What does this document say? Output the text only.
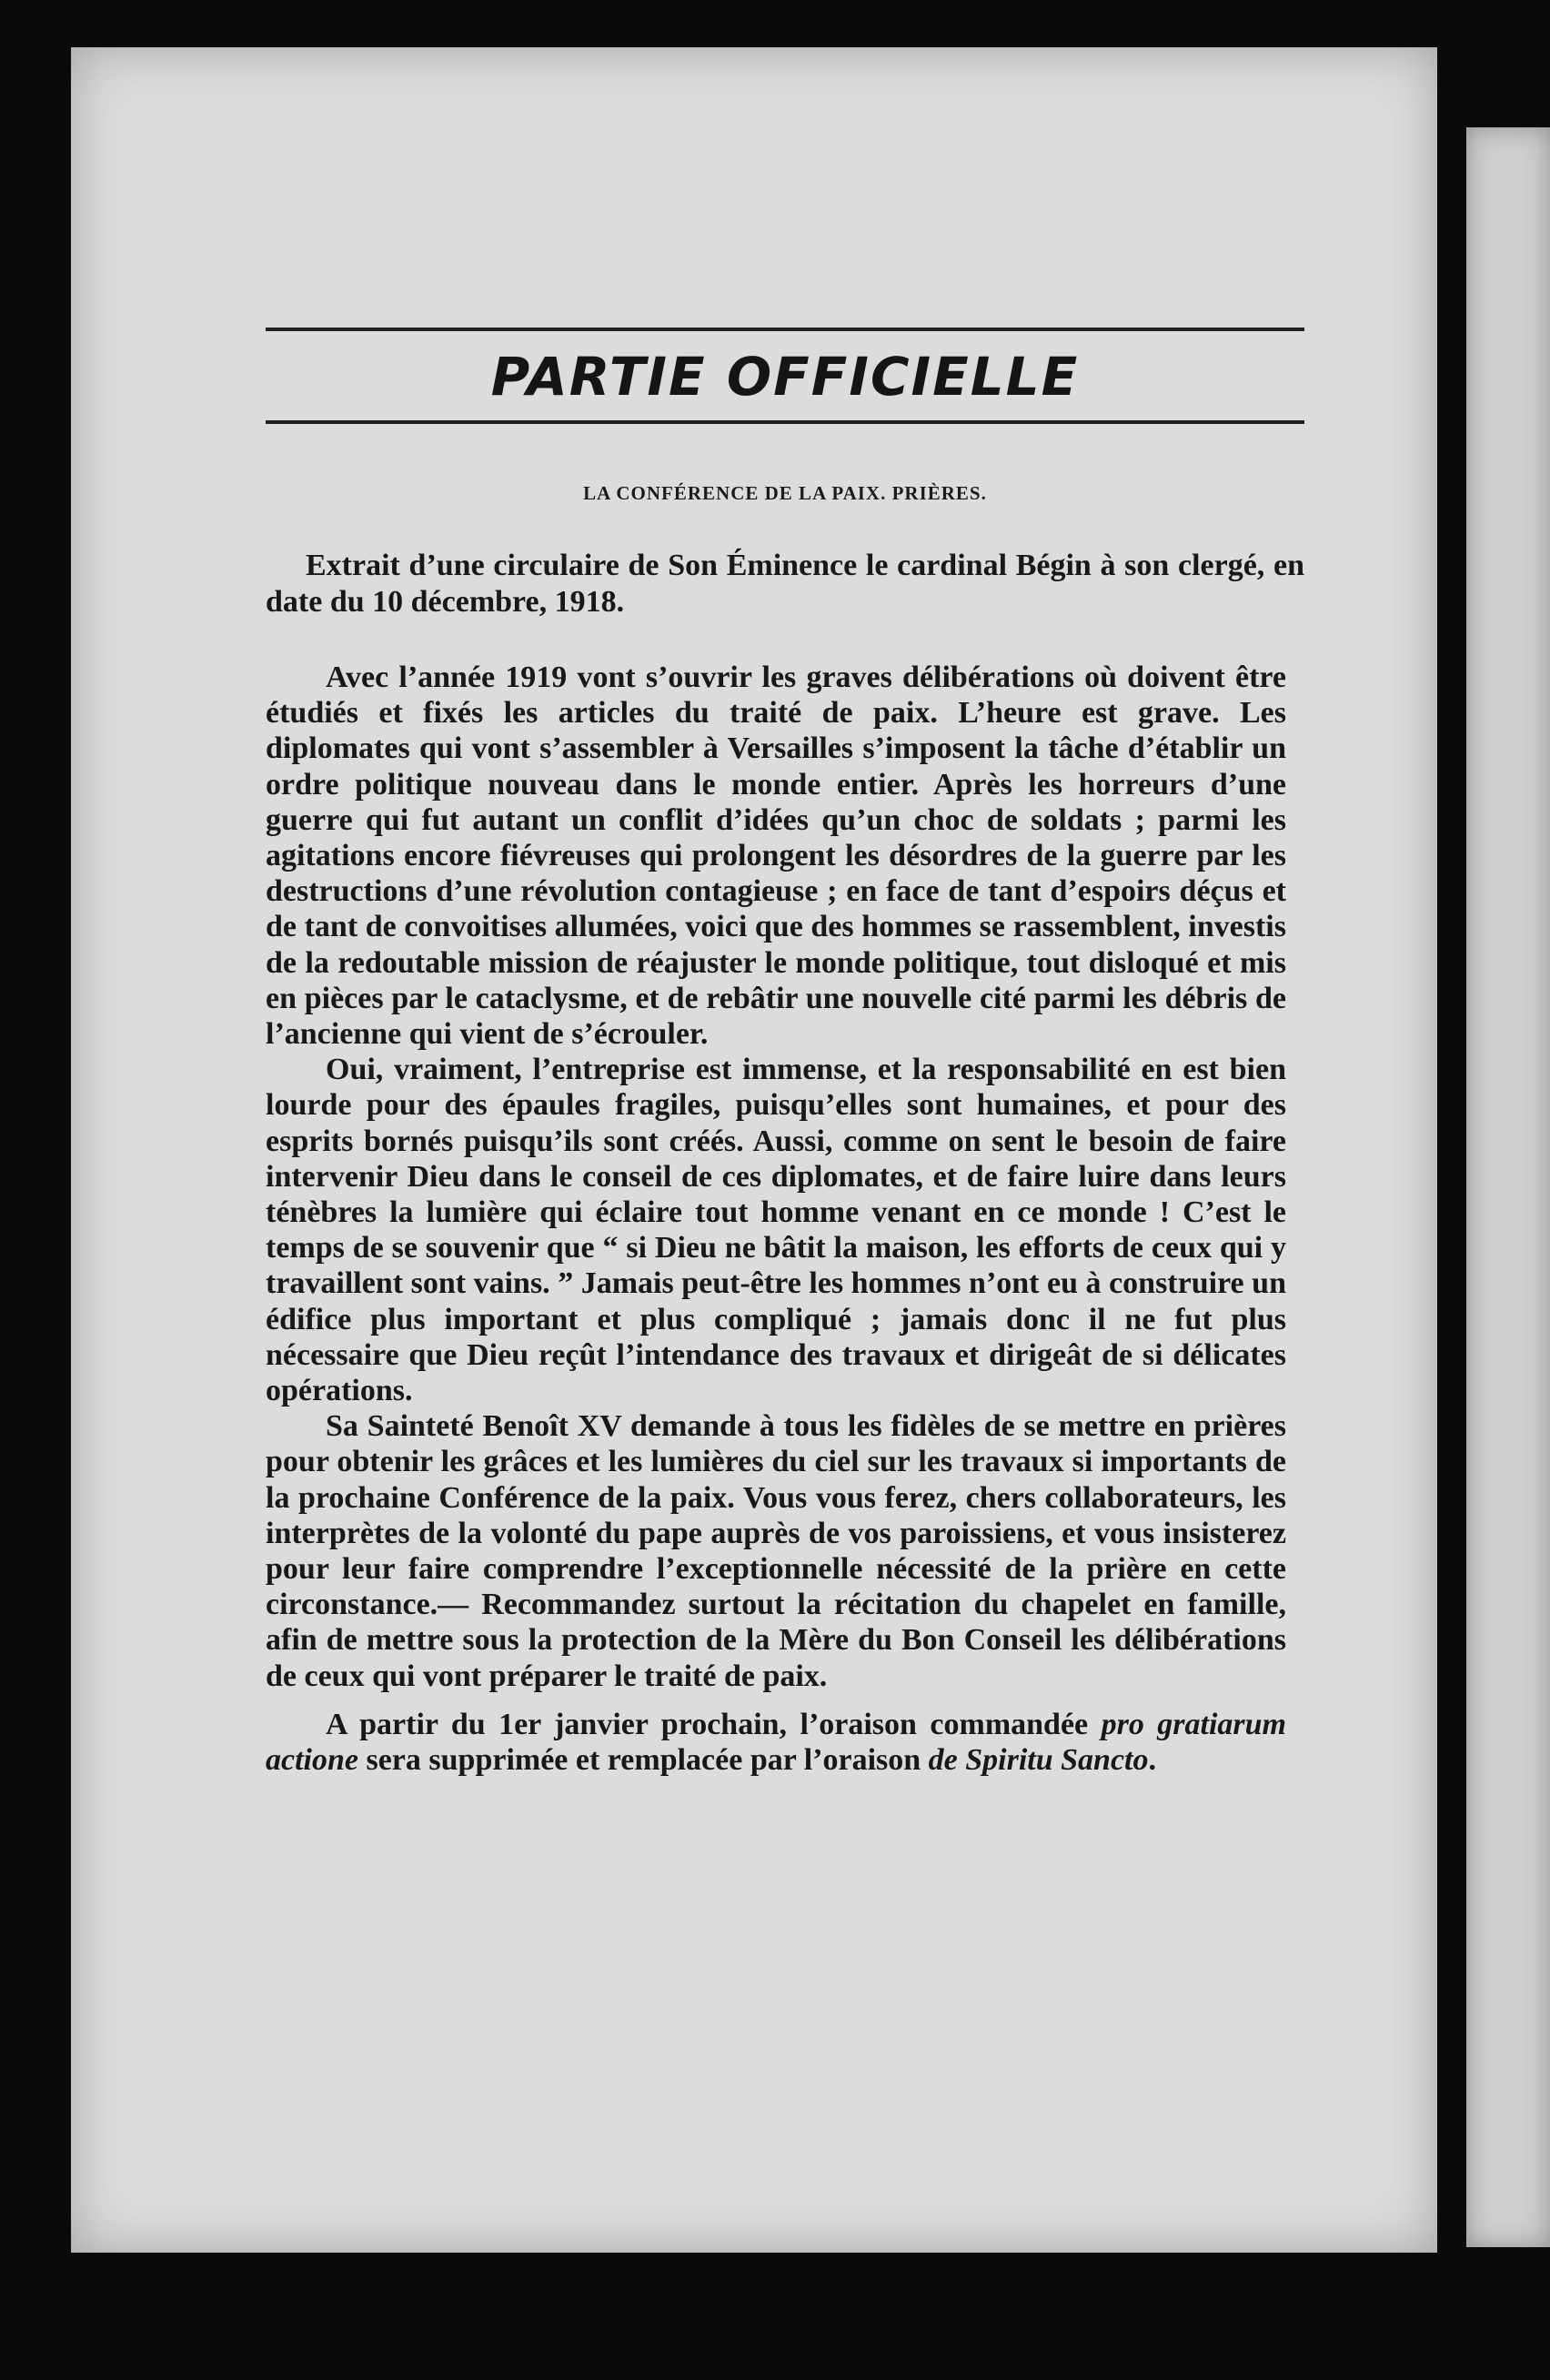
PARTIE OFFICIELLE
LA CONFÉRENCE DE LA PAIX. PRIÈRES.
Extrait d’une circulaire de Son Éminence le cardinal Bégin à son clergé, en date du 10 décembre, 1918.

Avec l’année 1919 vont s’ouvrir les graves délibérations où doivent être étudiés et fixés les articles du traité de paix. L’heure est grave. Les diplomates qui vont s’assembler à Versailles s’imposent la tâche d’établir un ordre politique nouveau dans le monde entier. Après les horreurs d’une guerre qui fut autant un conflit d’idées qu’un choc de soldats ; parmi les agitations encore fiévreuses qui prolongent les désordres de la guerre par les destructions d’une révolution contagieuse ; en face de tant d’espoirs déçus et de tant de convoitises allumées, voici que des hommes se rassemblent, investis de la redoutable mission de réajuster le monde politique, tout disloqué et mis en pièces par le cataclysme, et de rebâtir une nouvelle cité parmi les débris de l’ancienne qui vient de s’écrouler.

Oui, vraiment, l’entreprise est immense, et la responsabilité en est bien lourde pour des épaules fragiles, puisqu’elles sont humaines, et pour des esprits bornés puisqu’ils sont créés. Aussi, comme on sent le besoin de faire intervenir Dieu dans le conseil de ces diplomates, et de faire luire dans leurs ténèbres la lumière qui éclaire tout homme venant en ce monde ! C’est le temps de se souvenir que “ si Dieu ne bâtit la maison, les efforts de ceux qui y travaillent sont vains. ” Jamais peut-être les hommes n’ont eu à construire un édifice plus important et plus compliqué ; jamais donc il ne fut plus nécessaire que Dieu reçût l’intendance des travaux et dirigeât de si délicates opérations.

Sa Sainteté Benoît XV demande à tous les fidèles de se mettre en prières pour obtenir les grâces et les lumières du ciel sur les travaux si importants de la prochaine Conférence de la paix. Vous vous ferez, chers collaborateurs, les interprètes de la volonté du pape auprès de vos paroissiens, et vous insisterez pour leur faire comprendre l’exceptionnelle nécessité de la prière en cette circonstance.— Recommandez surtout la récitation du chapelet en famille, afin de mettre sous la protection de la Mère du Bon Conseil les délibérations de ceux qui vont préparer le traité de paix.

A partir du 1er janvier prochain, l’oraison commandée pro gratiarum actione sera supprimée et remplacée par l’oraison de Spiritu Sancto.
